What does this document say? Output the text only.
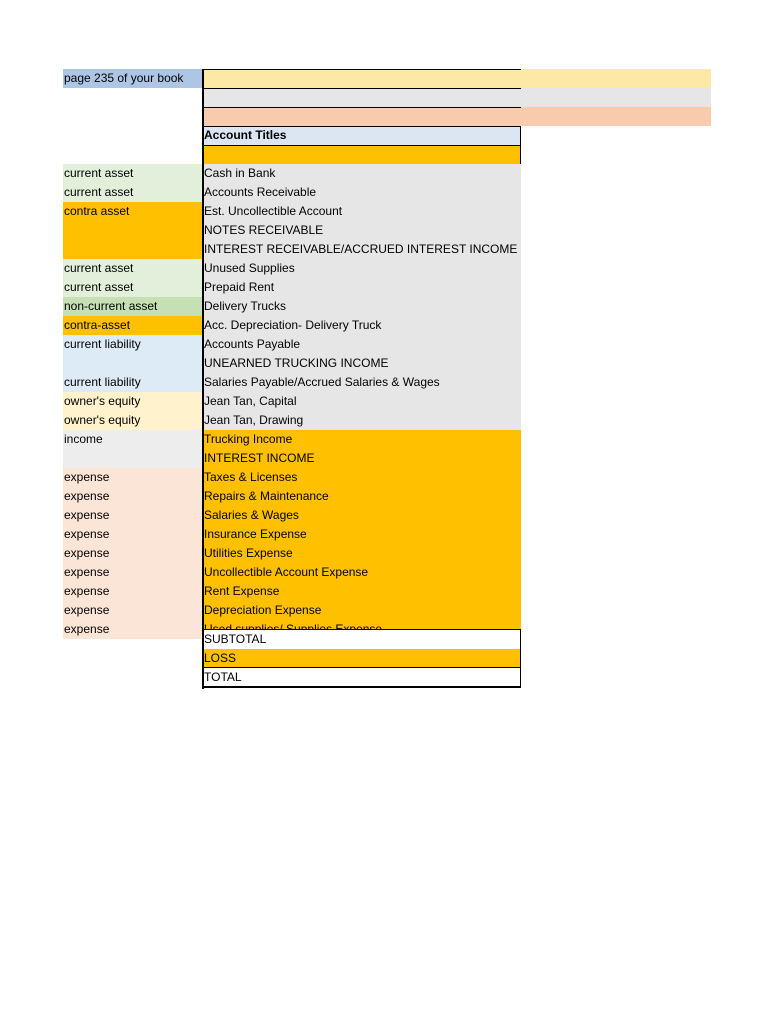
page 235 of your book
Account Titles
current asset
current asset
contra asset
current asset
current asset
non-current asset
contra-asset
current liability
current liability
owner's equity
owner's equity
income
expense
expense
expense
expense
expense
expense
expense
expense
expense
Cash in Bank
Accounts Receivable
Est. Uncollectible Account
NOTES RECEIVABLE
INTEREST RECEIVABLE/ACCRUED INTEREST INCOME
Unused Supplies
Prepaid Rent
Delivery Trucks
Acc. Depreciation- Delivery Truck
Accounts Payable
UNEARNED TRUCKING INCOME
Salaries Payable/Accrued Salaries & Wages
Jean Tan, Capital
Jean Tan, Drawing
Trucking Income
INTEREST INCOME
Taxes & Licenses
Repairs & Maintenance
Salaries & Wages
Insurance Expense
Utilities Expense
Uncollectible Account Expense
Rent Expense
Depreciation Expense
SUBTOTAL
LOSS
TOTAL
